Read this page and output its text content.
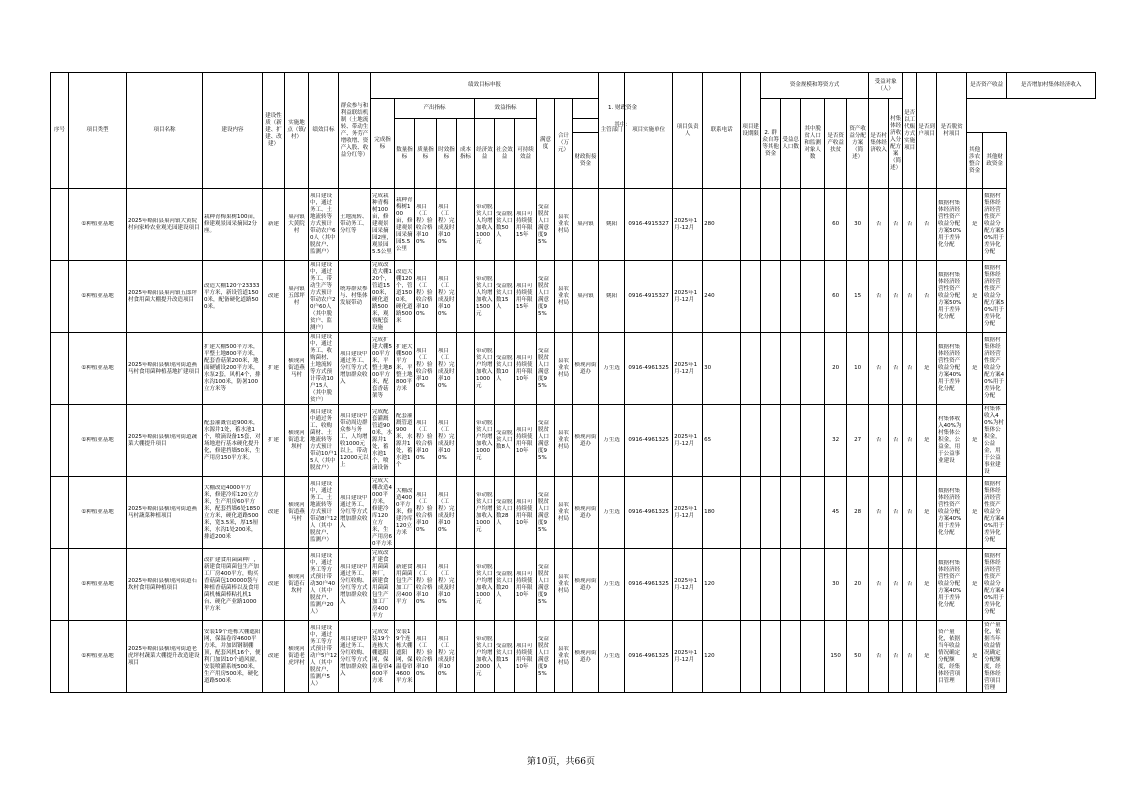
序号	项目类型	项目名称	建设内容	建设性质（新建、扩建、改建）	实施地点（镇/村）	绩效目标	群众参与和利益联结机制（土地流转、带动生产、务劳产增收增、资产入股、收益分红等）	绩效目标申报											主管部门	项目实施单位	项目负责人	联系电话	项目建设期限	资金规模和筹资方式					受益对象（人）		是否以工代赈方式实施项目	是否到户项目	是否脱贫村项目	是否资产收益		是否增加村集体经济收入
								完成指标	产出指标				效益指标			满意度	合计（万元）	1. 财政资金						2. 群众自筹等其他资金	受益总人口数	其中脱贫人口和监测对象人数	是否资产收益扶贫	资产收益分配方案（简述）	是否村集体经济收入	村集体经济收入分配方案（简述）						
									数量指标	质量指标	时效指标	成本指标	经济效益	社会效益	可持续效益			其中：																		
																		财政衔接资金																其他涉农整合资金	其他财政资金	

	①种植业基地	2025年略阳县巢河镇大黄院村向家岭农业观光园建设项目	栽种青梅果树100亩，修建观景园采摘园2分座。	新建	巢河镇大黄院村	项目建设中，通过务工、土地流转等方式预计带动农户60人（其中脱贫户、监测户）	土地流转、带动务工、分红等	完成栽种青梅树100亩，修建观景园采摘园2座，观景园5.5公里	栽种青梅树100亩，修建观景园采摘园5.5公里	项目（工程）验收合格率100%	项目（工程）完成及时率100%		带动脱贫人口人均增加收入1000元	受益脱贫人口数50人	项目可持续使用年限15年	受益脱贫人口满意度95%	县农业农村局	巢河镇	姚阳	0916-4915327	2025年1月-12月	280					60	30	否	否	否	否	数据村集体经济经营性资产收益分配方案50%用于差异化分配	是	数据村集体经济经营性资产收益分配方案50%用于差异化分配	

	①种植业基地	2025年略阳县巢河镇五郎坪村食用菌大棚提升改造项目	改造大棚120个23333平方米，新设管道1500米，配备硬化道路500米。	改建	巢河镇五郎坪村	项目建设中，通过务工、带动生产等方式预计带动农户20户60人（其中脱贫户、监测户）	统筹群众参与、村集体发展带动	完成改造大棚120个，管道1500米，硬化道路500米，观察配套设施	改造大棚120个，管道1500米，硬化道路500米	项目（工程）验收合格率100%	项目（工程）完成及时率100%		带动脱贫人口人均增加收入1500元	受益脱贫人口数15人	项目可持续使用年限15年	受益脱贫人口满意度95%	县农业农村局	巢河镇	姚阳	0916-4915327	2025年1月-12月	240					60	15	否	否	否	否	数据村集体经济经营性资产收益分配方案50%用于差异化分配	是	数据村集体经济经营性资产收益分配方案50%用于差异化分配	

	①种植业基地	2025年略阳县横现河街道燕马村食用菌种植基地扩建项目	扩建大棚500平方米，平整土地800平方米，配套香菇架200米，地面硬铺设200平方米，水泵2套，风机4个，排水沟100米，防暑100立方米等	扩建	横现河街道燕马村	项目建设中，通过务工、收购菌材、土地流转等方式预计带动10户15人（其中脱贫户）	项目建设中通过务工、分红等方式增加群众收入	完成扩建大棚500平方米，平整土地800平方米，配套香菇架等	扩建大棚500平方米，平整土地800平方米	项目（工程）验收合格率100%	项目（工程）完成及时率100%		带动脱贫人口户均增加收入1000元	受益脱贫人口数10人	项目可持续使用年限10年	受益脱贫人口满意度95%	县农业农村局	横现河街道办	万生选	0916-4961325	2025年1月-12月	30					20	10	否	否	否	是	数据村集体经济经营性资产收益分配方案40%用于差异化分配	是	数据村集体经济经营性资产收益分配方案40%用于差异化分配	

	①种植业基地	2025年略阳县横现河街道蔬菜大棚提升项目	配套灌溉管道900米，水源井1处，蓄水池1个，喷滴设备15套，对场地进行基本硬化提升化，修建挡墙50米，生产用房150平方米。	扩建	横现河街道北坝村	项目建设中通过务工、收购菌材、土地流转等方式预计带动10户15人（其中脱贫户）	项目建设中带动周边群众参与务工，人均增收1000元以上，带动12000元以上	完成配套灌溉管道900米，水源井1处，蓄水池1个，喷滴设备	配套灌溉管道900米，水源井1处，蓄水池1个	项目（工程）验收合格率100%	项目（工程）完成及时率100%		带动脱贫人口户均增加收入1000元	受益脱贫人口数8人	项目可持续使用年限10年	受益脱贫人口满意度95%	县农业农村局	横现河街道办	万生选	0916-4961325	2025年1月-12月	65					32	27	否	否	否	是	村集体收入40%为村集体公积金，公益金，用于公益事业建设	是	村集体收入40%为村集体公积金，公益金，用于公益事业建设	

	①种植业基地	2025年略阳县横现河街道燕马村蔬菜种植项目	大棚改造4000平方米，修建冷库120立方米，生产用房60平方米，配套挡墙6处1850立方米，硬化道路500米，宽3.5米，厚15厘米，水沟1处200米，排道200米	改建	横现河街道燕马村	项目建设中，通过务工、土地流转等方式预计带动8户12人（其中脱贫户、监测户）	项目建设中通过务工、分红等方式增加群众收入	完成大棚改造4000平方米，修建冷库120立方米，生产用房60平方米	大棚改造4000平方米，修建冷库120立方米	项目（工程）验收合格率100%	项目（工程）完成及时率100%		带动脱贫人口户均增加收入1000元	受益脱贫人口数28人	项目可持续使用年限10年	受益脱贫人口满意度95%	县农业农村局	横现河街道办	万生选	0916-4961325	2025年1月-12月	180					45	28	否	否	否	是	数据村集体经济经营性资产收益分配方案40%用于差异化分配	是	数据村集体经济经营性资产收益分配方案40%用于差异化分配	

	①种植业基地	2025年略阳县横现河街道石坎村食用菌种植项目	改扩建食用菌菌种厂，新建食用菌菌包生产加工厂房400平方，购买香菇菌包100000袋与种植香菇菌棒以及食用菌机械菌棒粘扎机1台、硬化产业路1000平方米	改建	横现河街道石坎村	项目建设中，通过务工等方式预计带动30户40人（其中脱贫户、监测户20人）	项目建设中通过务工、分红收购、分红等方式增加群众收入	完成改扩建食用菌菌种厂，新建食用菌菌包生产加工厂房400平方	新建食用菌菌包生产加工厂房400平方	项目（工程）验收合格率100%	项目（工程）完成及时率100%		带动脱贫人口户均增加收入1000元	受益脱贫人口数20人	项目可持续使用年限10年	受益脱贫人口满意度95%	县农业农村局	横现河街道办	万生选	0916-4961325	2025年1月-12月	120					30	20	否	否	否	是	数据村集体经济经营性资产收益分配方案40%用于差异化分配	是	数据村集体经济经营性资产收益分配方案40%用于差异化分配	

	①种植业基地	2025年略阳县横现河街道老虎坪村蔬菜大棚提升改造建设项目	安装19个连栋大棚遮阳网，保温卷帘4600平方米，并加固钢制棚顶，配套风机16个，便利门加固10个通风窗，安装喷灌系统500米，生产用房500米，硬化道路500米	改建	横现河街道老虎坪村	项目建设中，通过务工等方式预计带动户5户12人（其中脱贫户、监测户5人）	项目建设中通过务工、分红收购、分红等方式增加群众收入	完成安装19个连栋大棚遮阳网，保温卷帘4600平方米	安装19个连栋大棚遮阳网，保温卷帘4600平方米	项目（工程）验收合格率100%	项目（工程）完成及时率100%		带动脱贫人口户均增加收入2000元	受益脱贫人口数15人	项目可持续使用年限10年	受益脱贫人口满意度95%	县农业农村局	横现河街道办	万生选	0916-4961325	2025年1月-12月	120					150	50	否	否	否	是	资产量化，依据当年收益情况确定分配额度，经集体经营项目管理	是	资产量化，依据当年收益情况确定分配额度，经集体经营项目管理	
第10页，共66页
